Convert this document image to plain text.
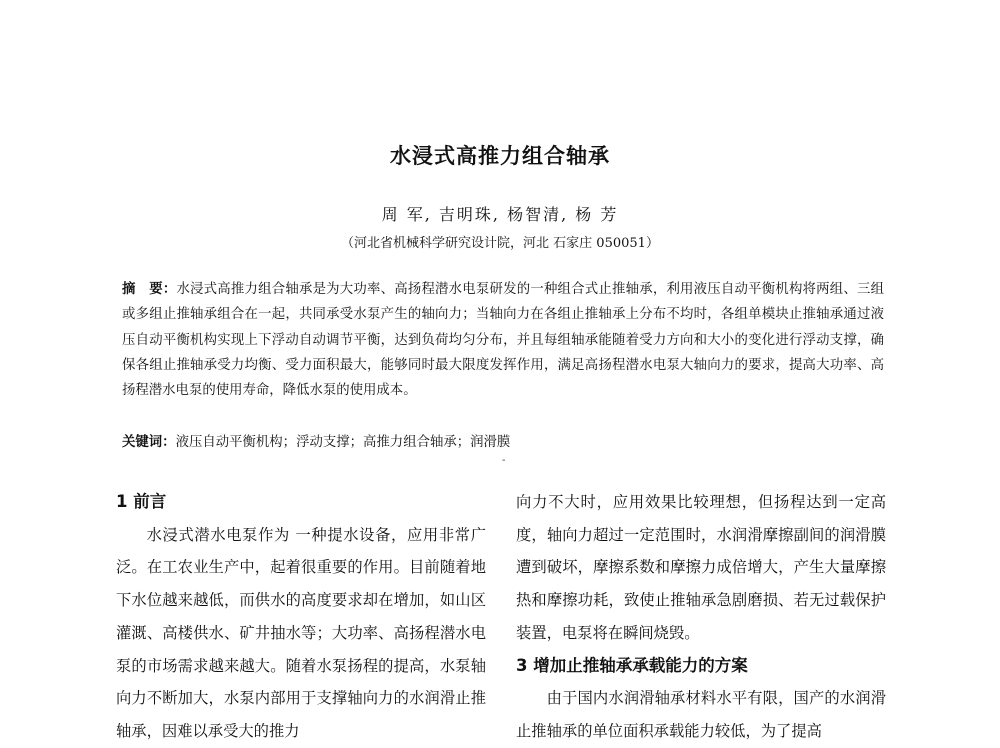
水浸式高推力组合轴承
周 军, 吉明珠, 杨智清, 杨 芳
（河北省机械科学研究设计院，河北 石家庄 050051）
摘　要：水浸式高推力组合轴承是为大功率、高扬程潜水电泵研发的一种组合式止推轴承，利用液压自动平衡机构将两组、三组或多组止推轴承组合在一起，共同承受水泵产生的轴向力；当轴向力在各组止推轴承上分布不均时，各组单模块止推轴承通过液压自动平衡机构实现上下浮动自动调节平衡，达到负荷均匀分布，并且每组轴承能随着受力方向和大小的变化进行浮动支撑，确保各组止推轴承受力均衡、受力面积最大，能够同时最大限度发挥作用，满足高扬程潜水电泵大轴向力的要求，提高大功率、高扬程潜水电泵的使用寿命，降低水泵的使用成本。
关键词：液压自动平衡机构；浮动支撑；高推力组合轴承；润滑膜
-
1 前言

水浸式潜水电泵作为 一种提水设备，应用非常广泛。在工农业生产中，起着很重要的作用。目前随着地下水位越来越低，而供水的高度要求却在增加，如山区灌溉、高楼供水、矿井抽水等；大功率、高扬程潜水电泵的市场需求越来越大。随着水泵扬程的提高，水泵轴向力不断加大，水泵内部用于支撑轴向力的水润滑止推轴承，因难以承受大的推力

向力不大时，应用效果比较理想，但扬程达到一定高度，轴向力超过一定范围时，水润滑摩擦副间的润滑膜遭到破坏，摩擦系数和摩擦力成倍增大，产生大量摩擦热和摩擦功耗，致使止推轴承急剧磨损、若无过载保护装置，电泵将在瞬间烧毁。

3 增加止推轴承承载能力的方案

由于国内水润滑轴承材料水平有限，国产的水润滑止推轴承的单位面积承载能力较低，为了提高
